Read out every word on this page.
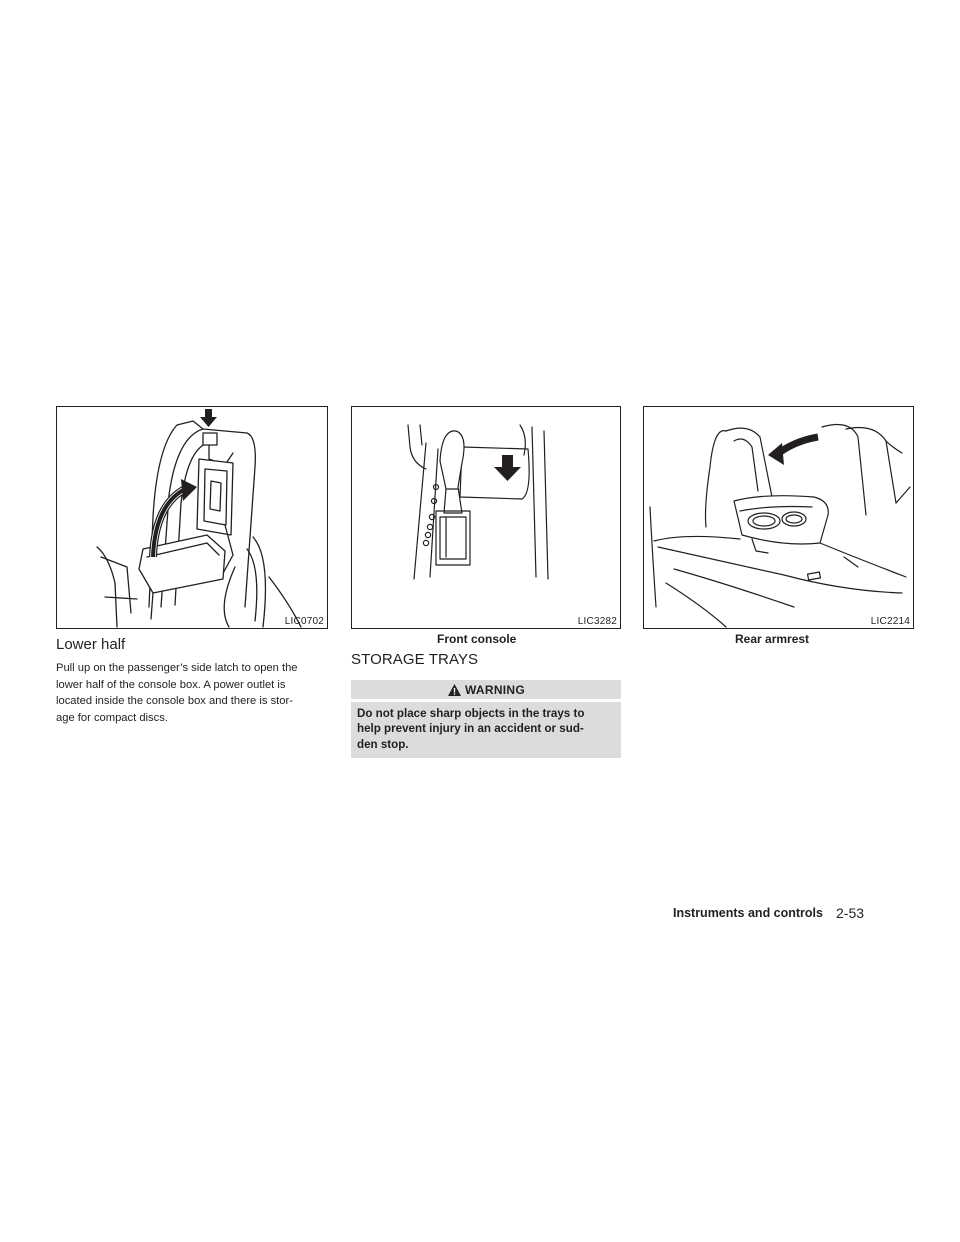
LIC0702	LIC3282	LIC2214
Front console	Rear armrest
Lower half
Pull up on the passenger’s side latch to open the
lower half of the console box. A power outlet is
located inside the console box and there is stor-
age for compact discs.
STORAGE TRAYS
WARNING
Do not place sharp objects in the trays to
help prevent injury in an accident or sud-
den stop.
Instruments and controls 2-53
